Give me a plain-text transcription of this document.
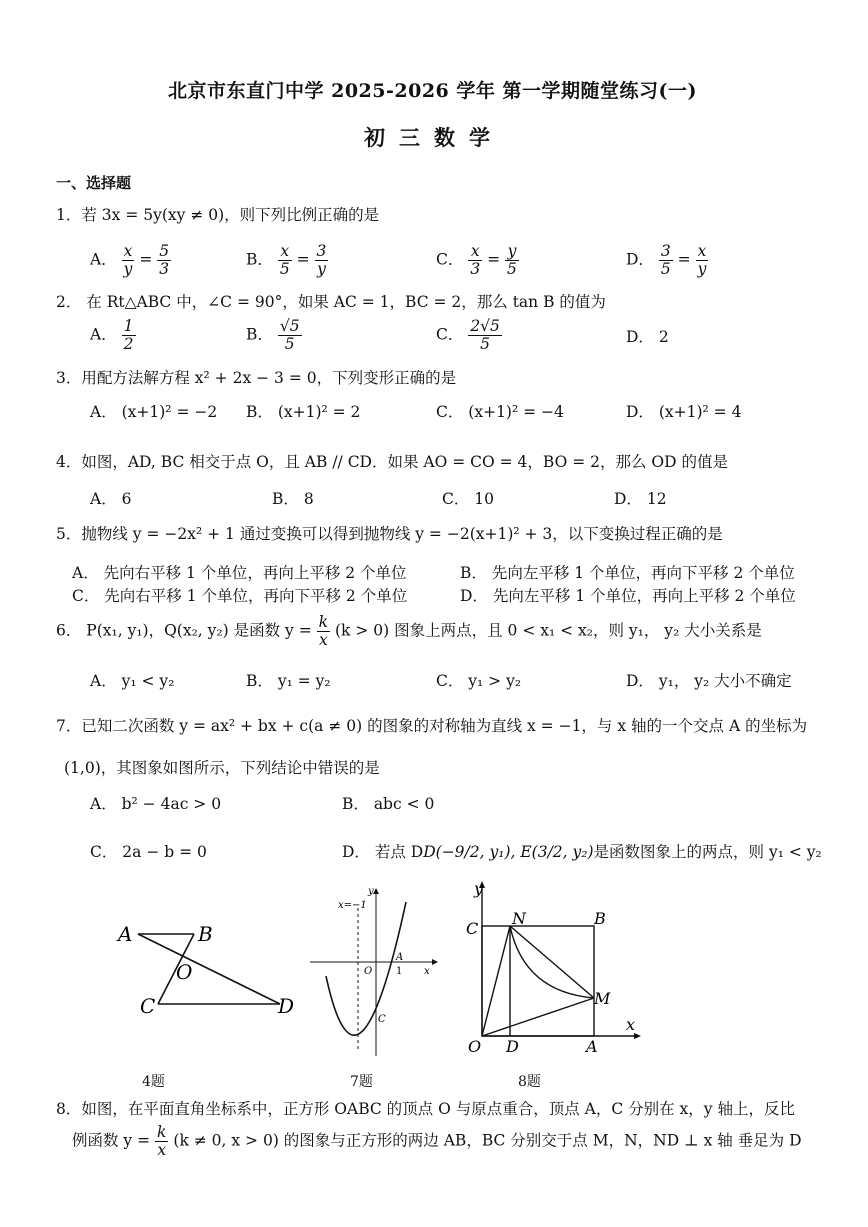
北京市东直门中学 2025-2026 学年 第一学期随堂练习(一)
初三数学
一、选择题
1．若 3x = 5y(xy ≠ 0)，则下列比例正确的是
A． $\frac{x}{y} = \frac{5}{3}$	B． $\frac{x}{5} = \frac{3}{y}$	C． $\frac{x}{3} = \frac{y}{5}$	D． $\frac{3}{5} = \frac{x}{y}$
2． 在 Rt△ABC 中，∠C = 90°，如果 AC = 1，BC = 2，那么 tan B 的值为
A． $\frac{1}{2}$	B． $\frac{√5}{5}$	C． $\frac{2√5}{5}$	D． 2
3．用配方法解方程 x² + 2x − 3 = 0，下列变形正确的是
A． (x+1)² = −2 B． (x+1)² = 2	C． (x+1)² = −4	D． (x+1)² = 4
4．如图，AD, BC 相交于点 O，且 AB // CD．如果 AO = CO = 4，BO = 2，那么 OD 的值是
A． 6	B． 8	C． 10	D． 12
5．抛物线 y = −2x² + 1 通过变换可以得到抛物线 y = −2(x+1)² + 3，以下变换过程正确的是
A． 先向右平移 1 个单位，再向上平移 2 个单位	B． 先向左平移 1 个单位，再向下平移 2 个单位
C． 先向右平移 1 个单位，再向下平移 2 个单位	D． 先向左平移 1 个单位，再向上平移 2 个单位
6． P(x₁, y₁)，Q(x₂, y₂) 是函数 $y = \frac{k}{x} (k > 0)$ 图象上两点，且 0 < x₁ < x₂，则 y₁， y₂ 大小关系是
A． y₁ < y₂	B． y₁ = y₂	C． y₁ > y₂	D． y₁， y₂ 大小不确定
7．已知二次函数 y = ax² + bx + c(a ≠ 0) 的图象的对称轴为直线 x = −1，与 x 轴的一个交点 A 的坐标为
(1,0)，其图象如图所示，下列结论中错误的是
A． b² − 4ac > 0	B． abc < 0
C． 2a − b = 0	D． 若点 DD(−9/2, y₁), E(3/2, y₂)是函数图象上的两点，则 y₁ < y₂
A	B
O
C	D
4题
x=−1
y
O
A
1 x
C
7题
y
N	B
C
M
x
O D	A
8题
8．如图，在平面直角坐标系中，正方形 OABC 的顶点 O 与原点重合，顶点 A，C 分别在 x，y 轴上，反比
例函数 $y = \frac{k}{x} (k \ne 0$, x > 0) 的图象与正方形的两边 AB，BC 分别交于点 M，N，ND ⊥ x 轴 垂足为 D
